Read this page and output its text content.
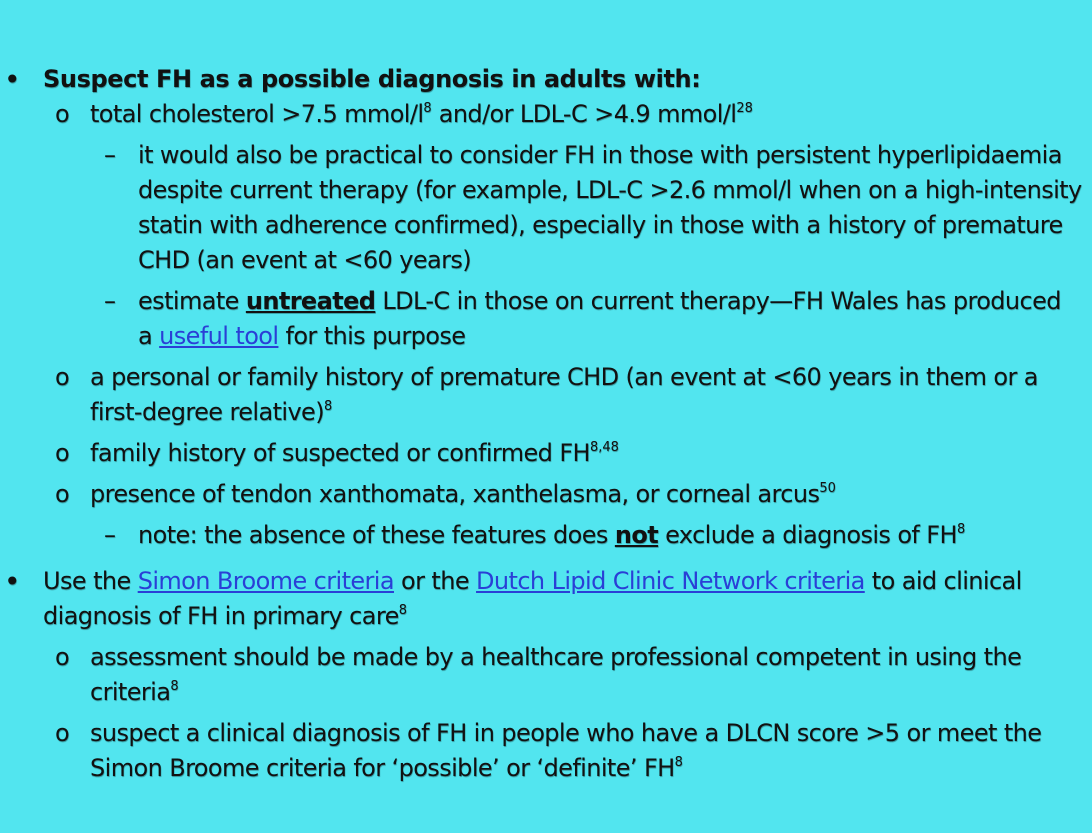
• Suspect FH as a possible diagnosis in adults with:
o total cholesterol >7.5 mmol/$l^8$ and/or LDL-C >4.9 mmol/$l^{28}$
– it would also be practical to consider FH in those with persistent hyperlipidaemia despite current therapy (for example, LDL-C >2.6 mmol/l when on a high-intensity statin with adherence confirmed), especially in those with a history of premature CHD (an event at <60 years)
– estimate untreated LDL-C in those on current therapy—FH Wales has produced a useful tool for this purpose
o a personal or family history of premature CHD (an event at <60 years in them or a first-degree relative)$^8$
o family history of suspected or confirmed FH$^{8,48}$
o presence of tendon xanthomata, xanthelasma, or corneal arcus$^{50}$
– note: the absence of these features does not exclude a diagnosis of $FH^8$
• Use the Simon Broome criteria or the Dutch Lipid Clinic Network criteria to aid clinical diagnosis of FH in primary care$^8$
o assessment should be made by a healthcare professional competent in using the criteria$^8$
o suspect a clinical diagnosis of FH in people who have a DLCN score >5 or meet the Simon Broome criteria for ‘possible’ or ‘definite’ $FH^8$
